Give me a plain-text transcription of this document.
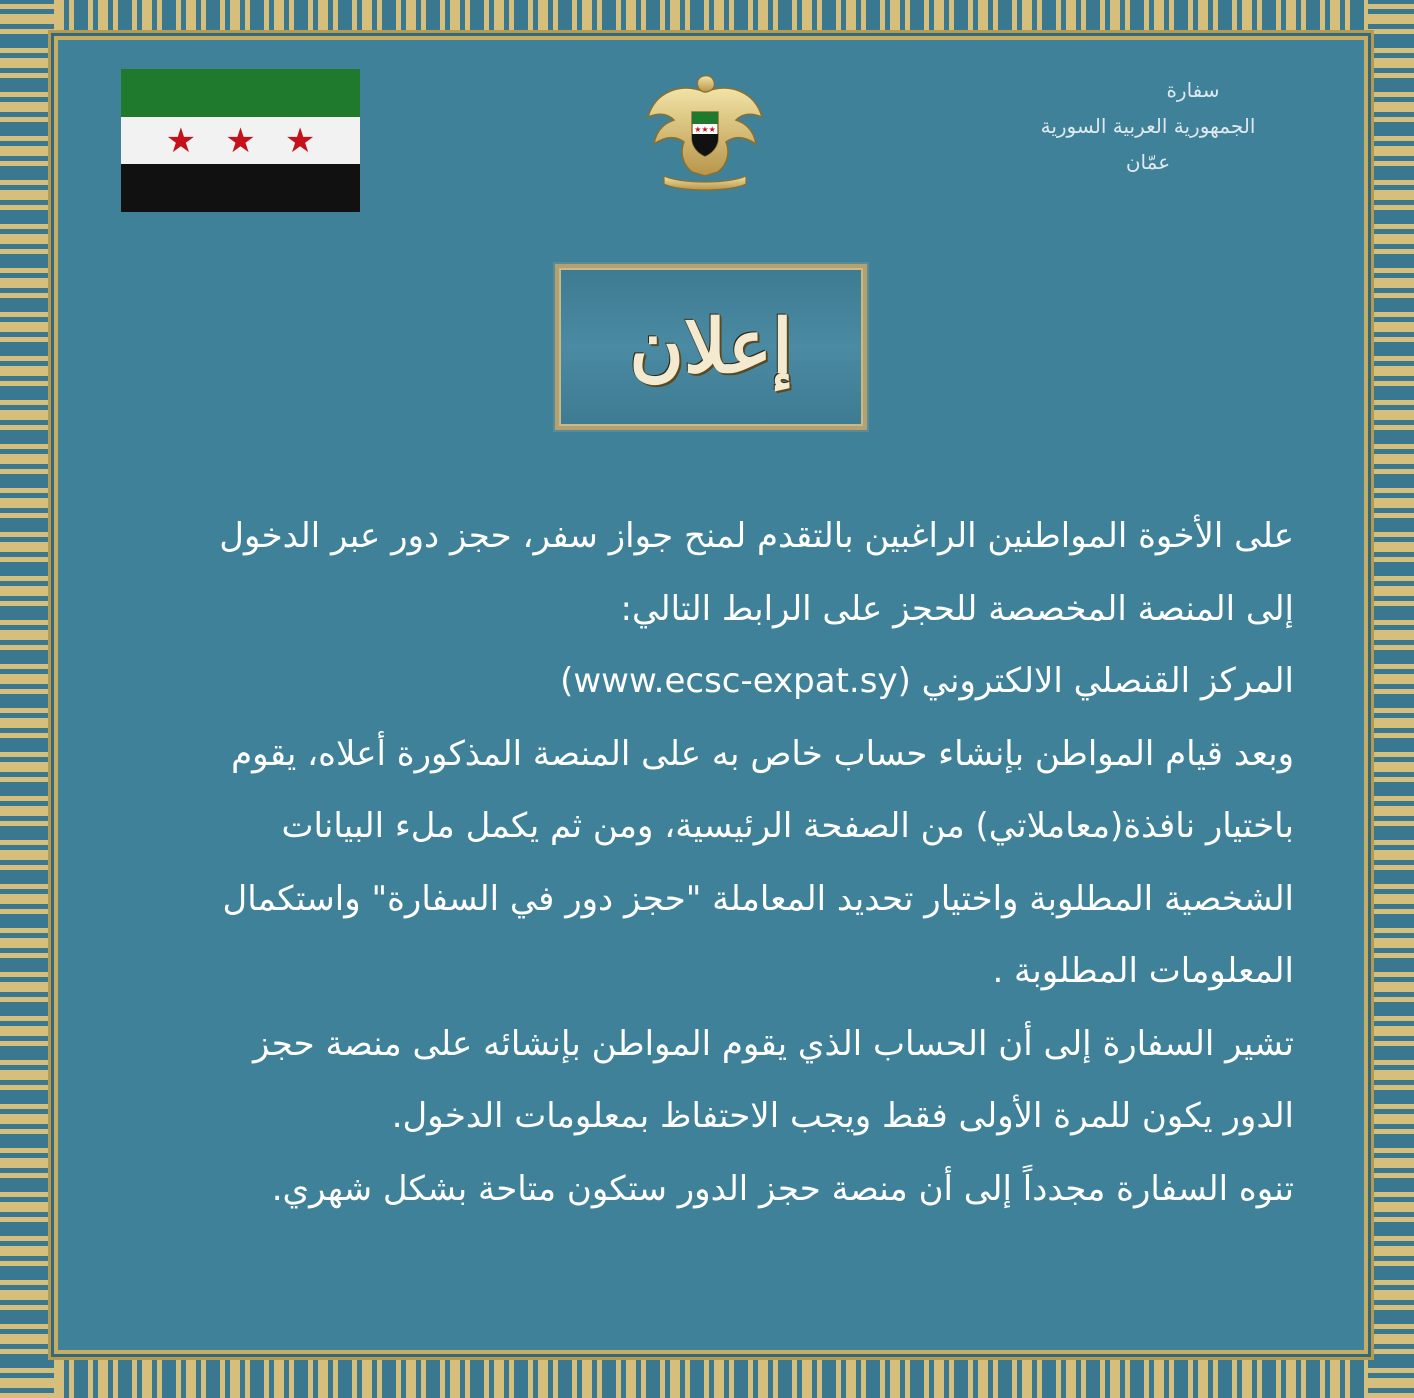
★ ★ ★	★★★
سفارة
الجمهورية العربية السورية
عمّان
إعلان

على الأخوة المواطنين الراغبين بالتقدم لمنح جواز سفر، حجز دور عبر الدخول

إلى المنصة المخصصة للحجز على الرابط التالي:

المركز القنصلي الالكتروني (www.ecsc-expat.sy)

وبعد قيام المواطن بإنشاء حساب خاص به على المنصة المذكورة أعلاه، يقوم

باختيار نافذة(معاملاتي) من الصفحة الرئيسية، ومن ثم يكمل ملء البيانات

الشخصية المطلوبة واختيار تحديد المعاملة "حجز دور في السفارة" واستكمال

المعلومات المطلوبة .

تشير السفارة إلى أن الحساب الذي يقوم المواطن بإنشائه على منصة حجز

الدور يكون للمرة الأولى فقط ويجب الاحتفاظ بمعلومات الدخول.

تنوه السفارة مجدداً إلى أن منصة حجز الدور ستكون متاحة بشكل شهري.
